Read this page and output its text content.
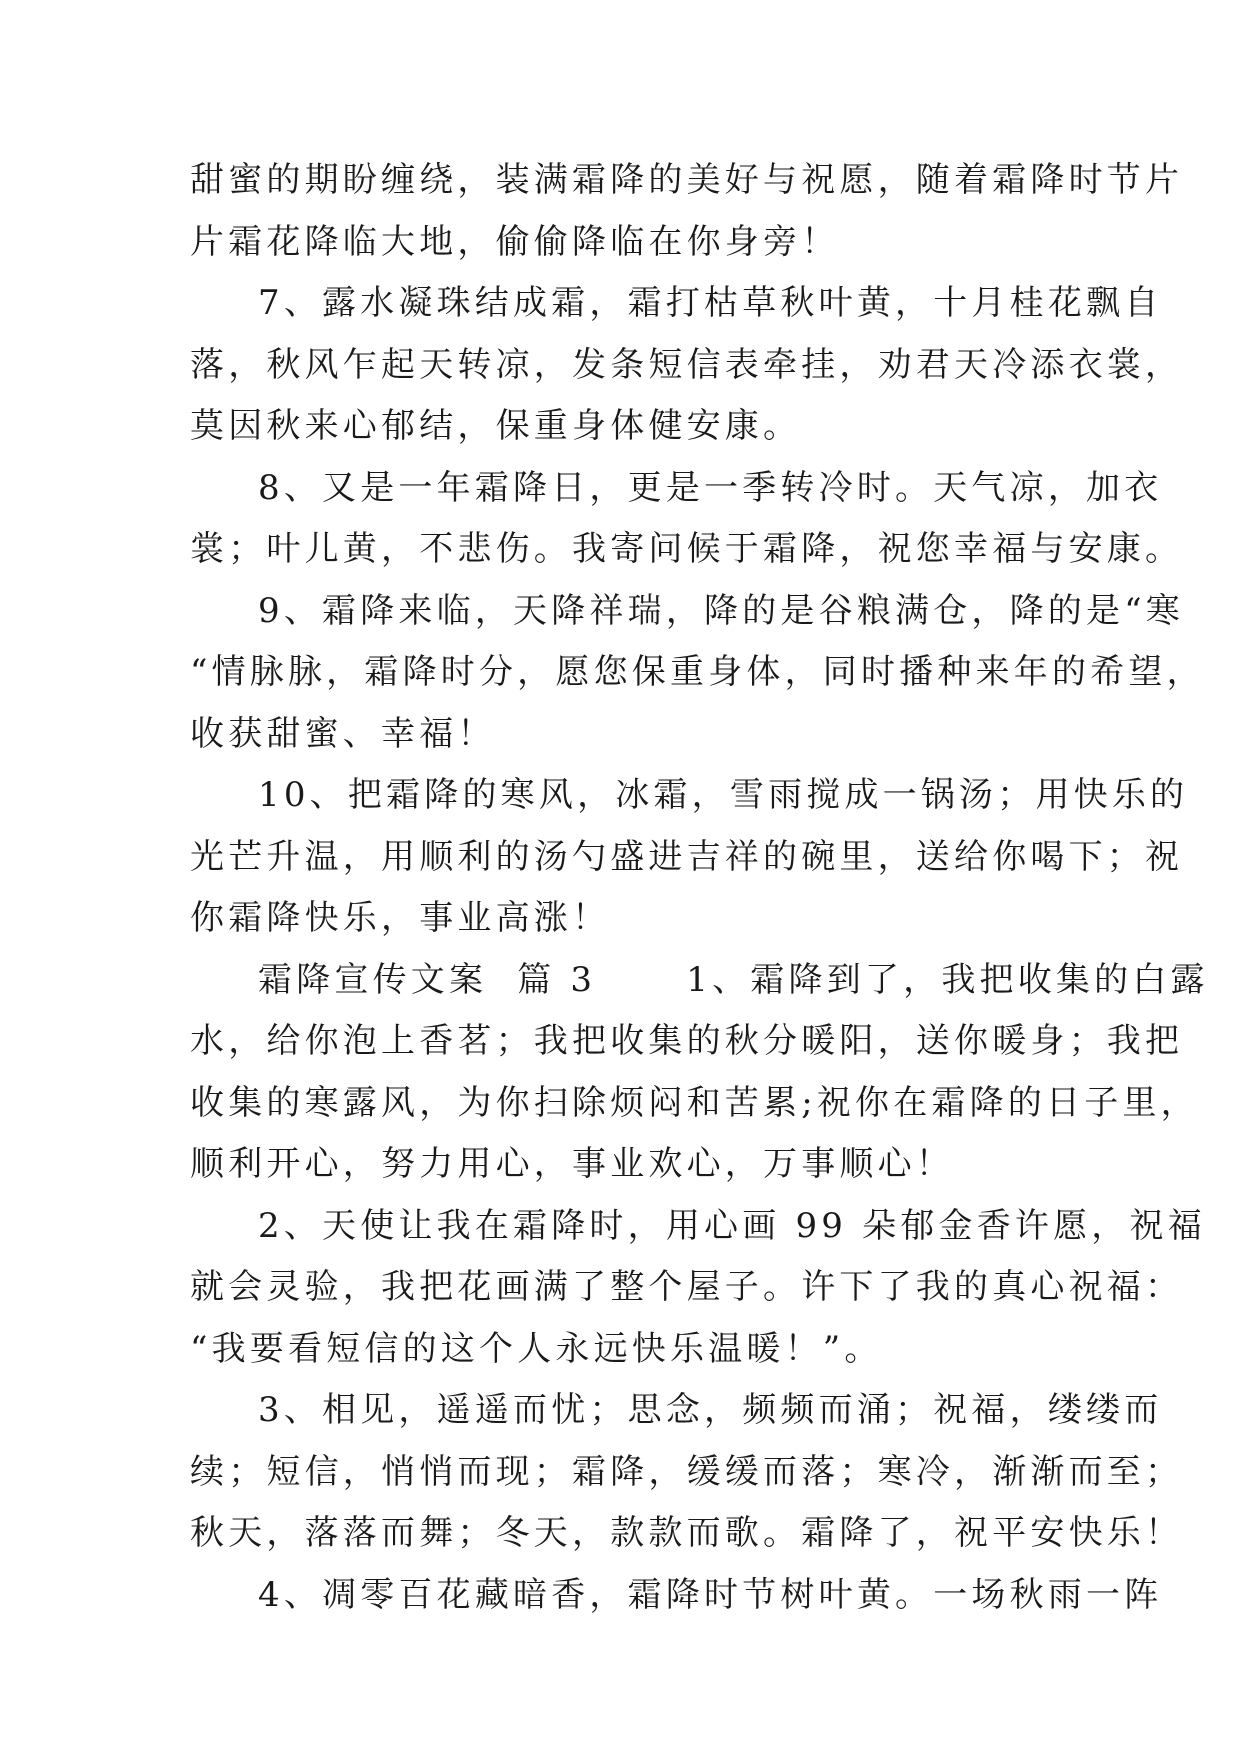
甜蜜的期盼缠绕，装满霜降的美好与祝愿，随着霜降时节片
片霜花降临大地，偷偷降临在你身旁！
7、露水凝珠结成霜，霜打枯草秋叶黄，十月桂花飘自
落，秋风乍起天转凉，发条短信表牵挂，劝君天冷添衣裳，
莫因秋来心郁结，保重身体健安康。
8、又是一年霜降日，更是一季转冷时。天气凉，加衣
裳；叶儿黄，不悲伤。我寄问候于霜降，祝您幸福与安康。
9、霜降来临，天降祥瑞，降的是谷粮满仓，降的是“寒
“情脉脉，霜降时分，愿您保重身体，同时播种来年的希望，
收获甜蜜、幸福！
10、把霜降的寒风，冰霜，雪雨搅成一锅汤；用快乐的
光芒升温，用顺利的汤勺盛进吉祥的碗里，送给你喝下；祝
你霜降快乐，事业高涨！
霜降宣传文案  篇 3      1、霜降到了，我把收集的白露
水，给你泡上香茗；我把收集的秋分暖阳，送你暖身；我把
收集的寒露风，为你扫除烦闷和苦累;祝你在霜降的日子里，
顺利开心，努力用心，事业欢心，万事顺心！
2、天使让我在霜降时，用心画 99 朵郁金香许愿，祝福
就会灵验，我把花画满了整个屋子。许下了我的真心祝福：
“我要看短信的这个人永远快乐温暖！”。
3、相见，遥遥而忧；思念，频频而涌；祝福，缕缕而
续；短信，悄悄而现；霜降，缓缓而落；寒冷，渐渐而至；
秋天，落落而舞；冬天，款款而歌。霜降了，祝平安快乐！
4、凋零百花藏暗香，霜降时节树叶黄。一场秋雨一阵
